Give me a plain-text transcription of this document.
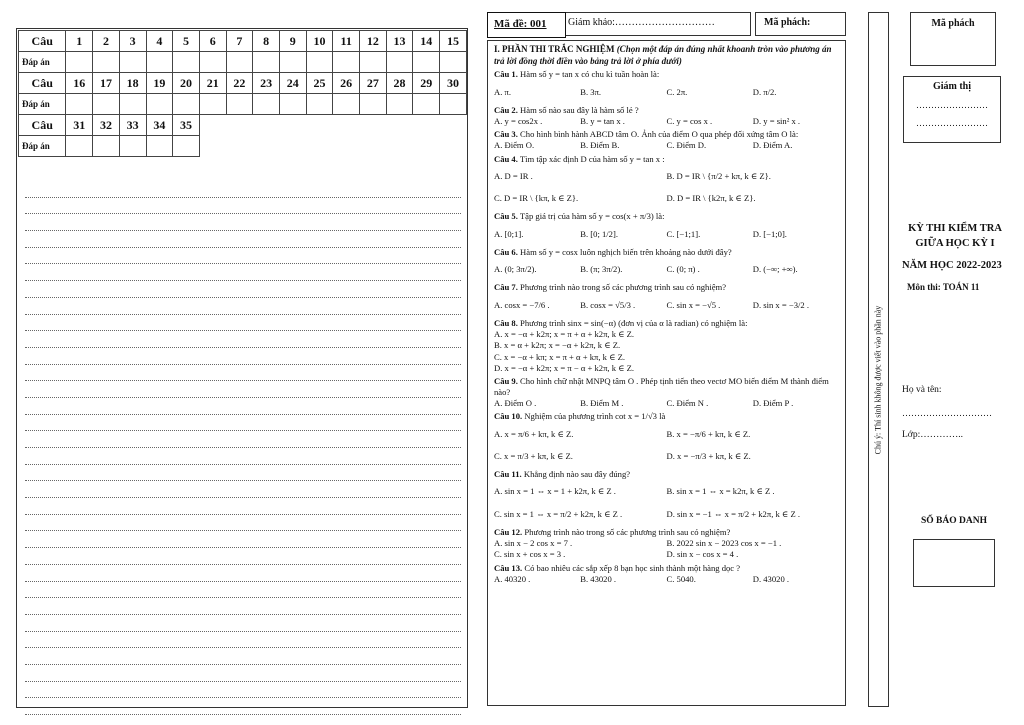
Câu	1	2	3	4	5	6	7	8	9	10	11	12	13	14	15
Đáp án															
Câu	16	17	18	19	20	21	22	23	24	25	26	27	28	29	30
Đáp án															
Câu	31	32	33	34	35										
Đáp án															
Mã đề: 001	Giám khảo:…………………………	Mã phách:

I. PHẦN THI TRẮC NGHIỆM (Chọn một đáp án đúng nhất khoanh tròn vào phương án trả lời đồng thời điền vào bảng trả lời ở phía dưới)

Câu 1. Hàm số y = tan x có chu kì tuần hoàn là:
A. π.	B. 3π.	C. 2π.	D. π/2.
Câu 2. Hàm số nào sau đây là hàm số lẻ ?
A. y = cos2x .	B. y = tan x .	C. y = cos x .	D. y = sin² x .
Câu 3. Cho hình bình hành ABCD tâm O. Ảnh của điểm O qua phép đối xứng tâm O là:
A. Điểm O.	B. Điểm B.	C. Điểm D.	D. Điểm A.
Câu 4. Tìm tập xác định D của hàm số y = tan x :
A. D = IR .	B. D = IR \ {π/2 + kπ, k ∈ Z}.
C. D = IR \ {kπ, k ∈ Z}.	D. D = IR \ {k2π, k ∈ Z}.
Câu 5. Tập giá trị của hàm số y = cos(x + π/3) là:
A. [0;1].	B. [0; 1/2].	C. [−1;1].	D. [−1;0].
Câu 6. Hàm số y = cosx luôn nghịch biến trên khoảng nào dưới đây?
A. (0; 3π/2).	B. (π; 3π/2).	C. (0; π) .	D. (−∞; +∞).
Câu 7. Phương trình nào trong số các phương trình sau có nghiệm?
A. cosx = −7/6 .	B. cosx = √5/3 .	C. sin x = −√5 .	D. sin x = −3/2 .
Câu 8. Phương trình sinx = sin(−α) (đơn vị của α là radian) có nghiệm là:
A. x = −α + k2π; x = π + α + k2π, k ∈ Z.
B. x = α + k2π; x = −α + k2π, k ∈ Z.
C. x = −α + kπ; x = π + α + kπ, k ∈ Z.
D. x = −α + k2π; x = π − α + k2π, k ∈ Z.
Câu 9. Cho hình chữ nhật MNPQ tâm O . Phép tịnh tiến theo vectơ MO biến điểm M thành điểm nào?
A. Điểm O .	B. Điểm M .	C. Điểm N .	D. Điểm P .
Câu 10. Nghiệm của phương trình cot x = 1/√3 là
A. x = π/6 + kπ, k ∈ Z.	B. x = −π/6 + kπ, k ∈ Z.
C. x = π/3 + kπ, k ∈ Z.	D. x = −π/3 + kπ, k ∈ Z.
Câu 11. Khẳng định nào sau đây đúng?
A. sin x = 1 ⇔ x = 1 + k2π, k ∈ Z .	B. sin x = 1 ⇔ x = k2π, k ∈ Z .
C. sin x = 1 ⇔ x = π/2 + k2π, k ∈ Z .	D. sin x = −1 ⇔ x = π/2 + k2π, k ∈ Z .
Câu 12. Phương trình nào trong số các phương trình sau có nghiệm?
A. sin x − 2 cos x = 7 .	B. 2022 sin x − 2023 cos x = −1 .
C. sin x + cos x = 3 .	D. sin x − cos x = 4 .
Câu 13. Có bao nhiêu các sắp xếp 8 bạn học sinh thành một hàng dọc ?
A. 40320 .	B. 43020 .	C. 5040.	D. 43020 .
Chú ý: Thí sinh không được viết vào phần này
Mã phách
Giám thị
……………………
……………………
KỲ THI KIỂM TRA GIỮA HỌC KỲ I
NĂM HỌC 2022-2023
Môn thi: TOÁN 11
Họ và tên:
…………………………
Lớp:…………..
SỐ BÁO DANH
